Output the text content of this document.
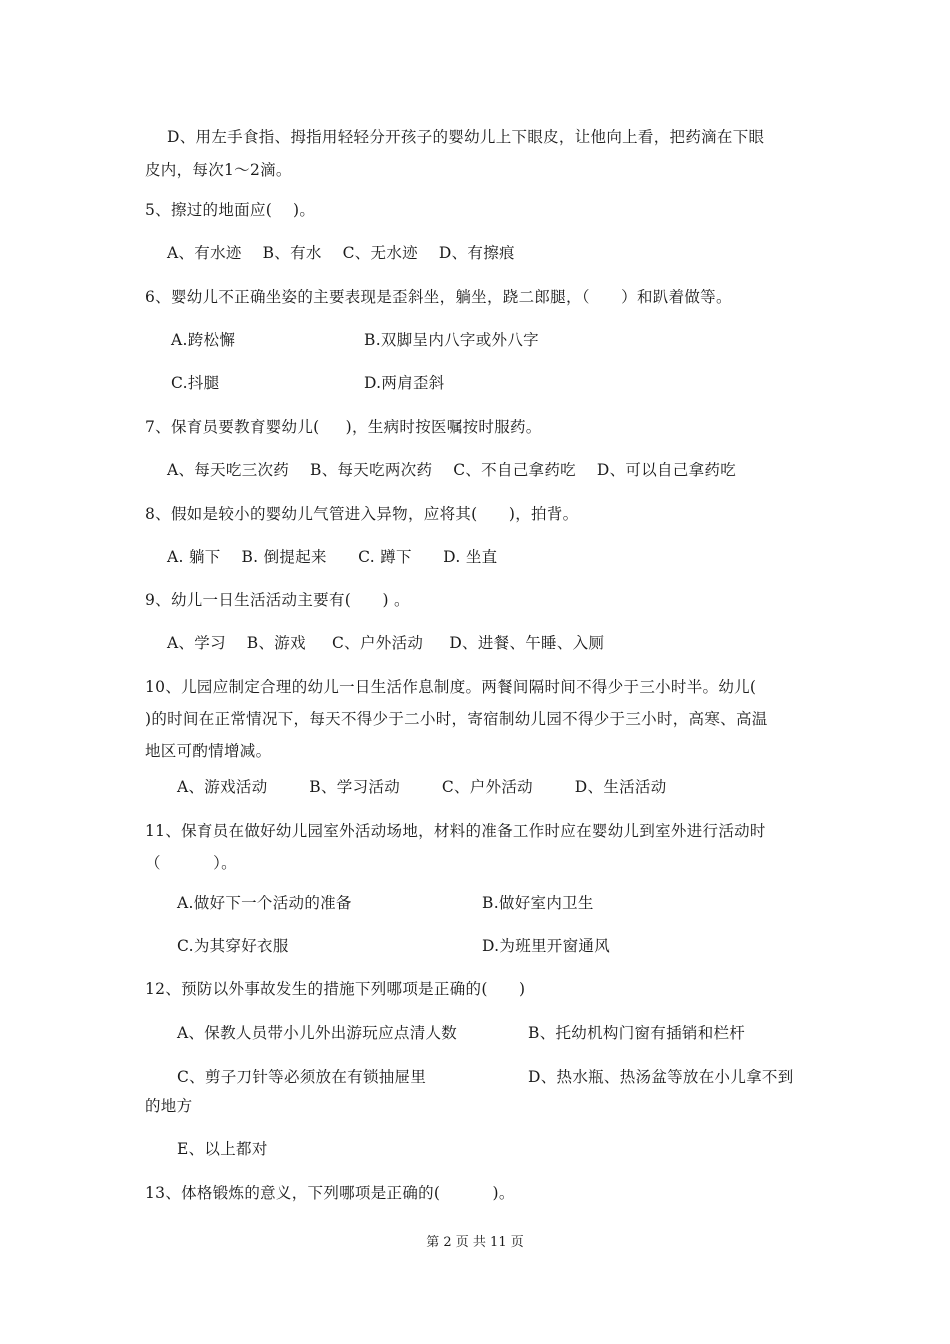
D、用左手食指、拇指用轻轻分开孩子的婴幼儿上下眼皮，让他向上看，把药滴在下眼
皮内，每次1～2滴。
5、擦过的地面应(    )。
A、有水迹    B、有水    C、无水迹    D、有擦痕
6、婴幼儿不正确坐姿的主要表现是歪斜坐，躺坐，跷二郎腿，（      ）和趴着做等。
A.跨松懈	B.双脚呈内八字或外八字
C.抖腿	D.两肩歪斜
7、保育员要教育婴幼儿(     )，生病时按医嘱按时服药。
A、每天吃三次药    B、每天吃两次药    C、不自己拿药吃    D、可以自己拿药吃
8、假如是较小的婴幼儿气管进入异物，应将其(      )，拍背。
A. 躺下    B. 倒提起来      C. 蹲下      D. 坐直
9、幼儿一日生活活动主要有(      ) 。
A、学习    B、游戏     C、户外活动     D、进餐、午睡、入厕
10、儿园应制定合理的幼儿一日生活作息制度。两餐间隔时间不得少于三小时半。幼儿(
)的时间在正常情况下，每天不得少于二小时，寄宿制幼儿园不得少于三小时，高寒、高温
地区可酌情增减。
A、游戏活动        B、学习活动        C、户外活动        D、生活活动
11、保育员在做好幼儿园室外活动场地，材料的准备工作时应在婴幼儿到室外进行活动时
（          ）。
A.做好下一个活动的准备	B.做好室内卫生
C.为其穿好衣服	D.为班里开窗通风
12、预防以外事故发生的措施下列哪项是正确的(      )
A、保教人员带小儿外出游玩应点清人数	B、托幼机构门窗有插销和栏杆
C、剪子刀针等必须放在有锁抽屉里	D、热水瓶、热汤盆等放在小儿拿不到
的地方
E、以上都对
13、体格锻炼的意义，下列哪项是正确的(          )。
第 2 页 共 11 页
